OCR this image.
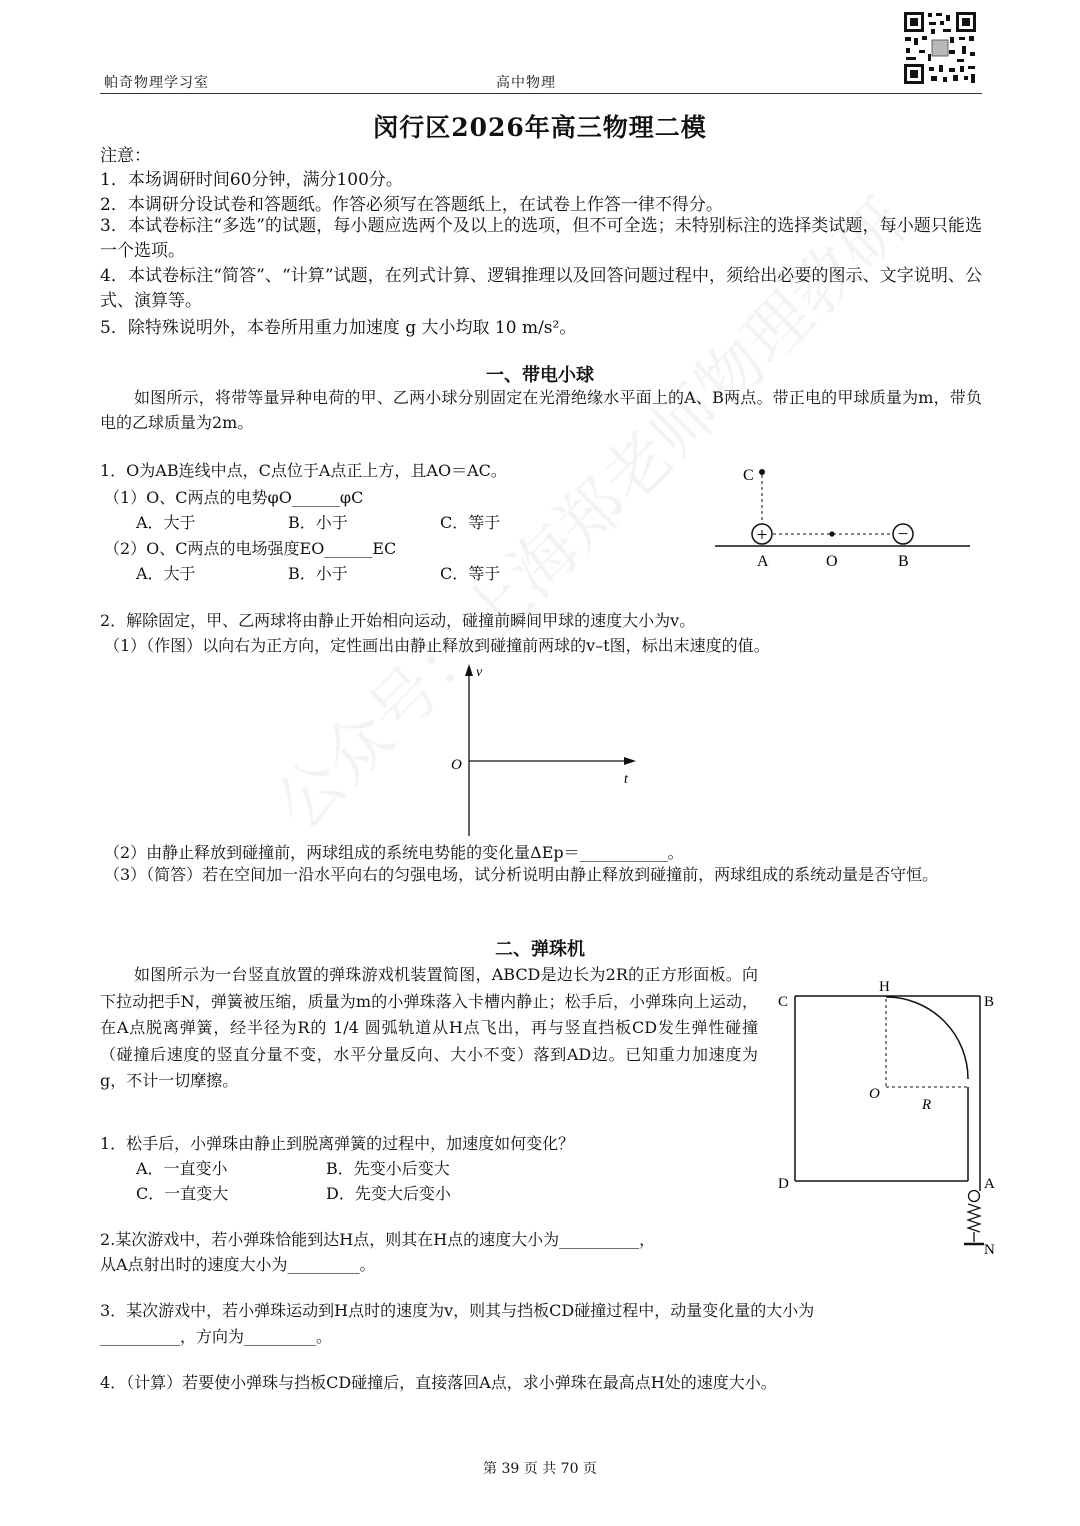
帕奇物理学习室	高中物理
闵行区2026年高三物理二模
注意：
1．本场调研时间60分钟，满分100分。
2．本调研分设试卷和答题纸。作答必须写在答题纸上，在试卷上作答一律不得分。
3．本试卷标注“多选”的试题，每小题应选两个及以上的选项，但不可全选；未特别标注的选择类试题，每小题只能选一个选项。
4．本试卷标注“简答”、“计算”试题，在列式计算、逻辑推理以及回答问题过程中，须给出必要的图示、文字说明、公式、演算等。
5．除特殊说明外，本卷所用重力加速度 g 大小均取 10 m/s²。
一、带电小球
如图所示，将带等量异种电荷的甲、乙两小球分别固定在光滑绝缘水平面上的A、B两点。带正电的甲球质量为m，带负电的乙球质量为2m。
1．O为AB连线中点，C点位于A点正上方，且AO＝AC。
（1）O、C两点的电势φO______φC
A．大于	B．小于	C．等于
（2）O、C两点的电场强度EO______EC
A．大于	B．小于	C．等于
+	−
C
A	O	B
2．解除固定，甲、乙两球将由静止开始相向运动，碰撞前瞬间甲球的速度大小为v。
（1）（作图）以向右为正方向，定性画出由静止释放到碰撞前两球的v–t图，标出末速度的值。
v
t
O
（2）由静止释放到碰撞前，两球组成的系统电势能的变化量ΔEp＝___________。
（3）（简答）若在空间加一沿水平向右的匀强电场，试分析说明由静止释放到碰撞前，两球组成的系统动量是否守恒。
二、弹珠机
如图所示为一台竖直放置的弹珠游戏机装置简图，ABCD是边长为2R的正方形面板。向下拉动把手N，弹簧被压缩，质量为m的小弹珠落入卡槽内静止；松手后，小弹珠向上运动，在A点脱离弹簧，经半径为R的 1/4 圆弧轨道从H点飞出，再与竖直挡板CD发生弹性碰撞（碰撞后速度的竖直分量不变，水平分量反向、大小不变）落到AD边。已知重力加速度为g，不计一切摩擦。
H
B
C
O
R
D	A
N
1．松手后，小弹珠由静止到脱离弹簧的过程中，加速度如何变化？
A．一直变小	B．先变小后变大
C．一直变大	D．先变大后变小
2.某次游戏中，若小弹珠恰能到达H点，则其在H点的速度大小为__________，
从A点射出时的速度大小为_________。
3．某次游戏中，若小弹珠运动到H点时的速度为v，则其与挡板CD碰撞过程中，动量变化量的大小为
__________，方向为_________。
4．（计算）若要使小弹珠与挡板CD碰撞后，直接落回A点，求小弹珠在最高点H处的速度大小。
第 39 页 共 70 页
